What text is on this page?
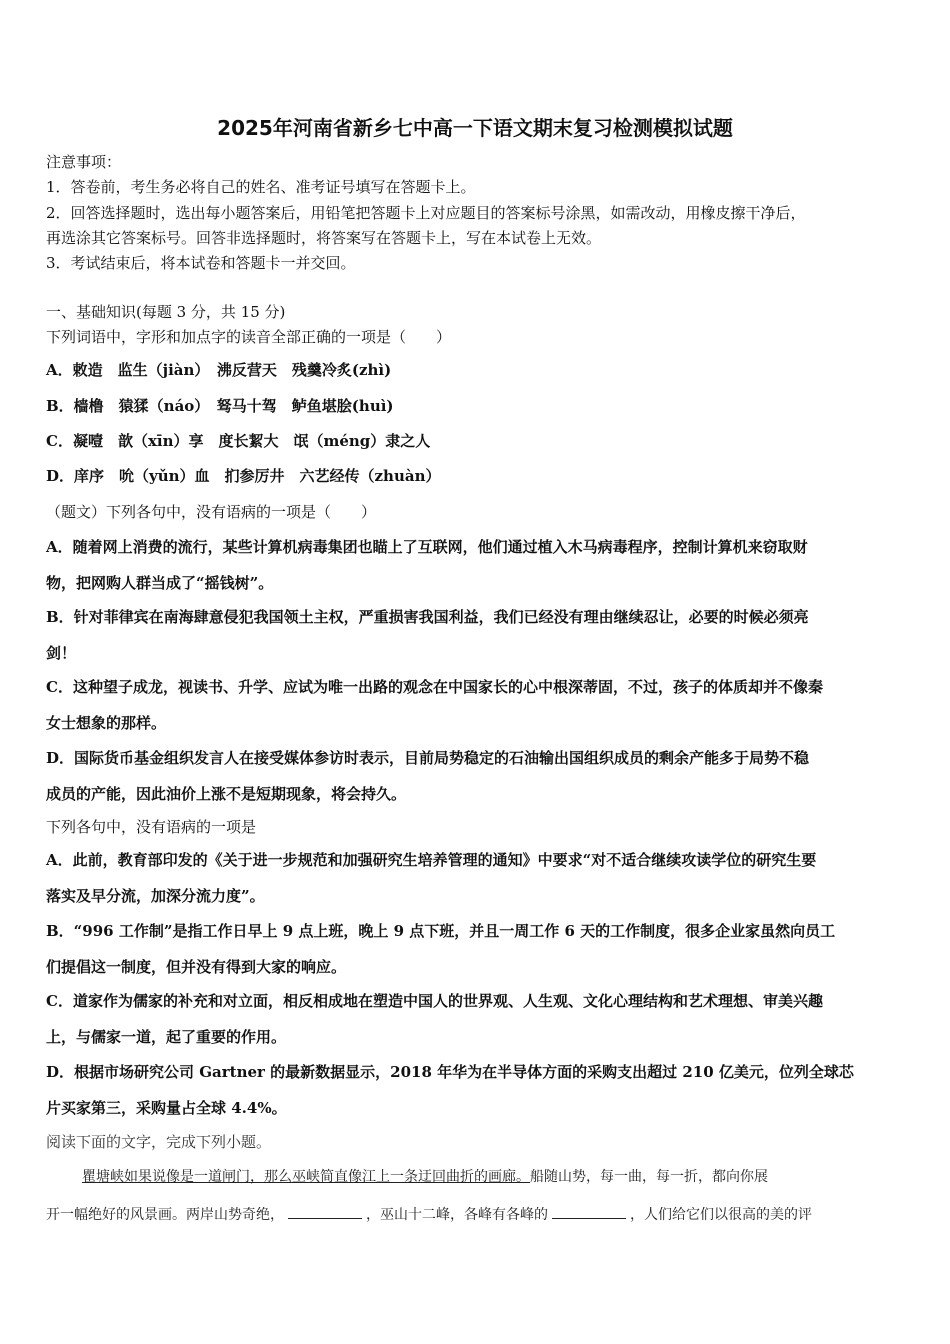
2025年河南省新乡七中高一下语文期末复习检测模拟试题
注意事项：
1．答卷前，考生务必将自己的姓名、准考证号填写在答题卡上。
2．回答选择题时，选出每小题答案后，用铅笔把答题卡上对应题目的答案标号涂黑，如需改动，用橡皮擦干净后，
再选涂其它答案标号。回答非选择题时，将答案写在答题卡上，写在本试卷上无效。
3．考试结束后，将本试卷和答题卡一并交回。
一、基础知识(每题 3 分，共 15 分)
下列词语中，字形和加点字的读音全部正确的一项是（　　）
A．敕造　监生（jiàn）　沸反营天　残羹冷炙(zhì)
B．樯橹　猿猱（náo）　驽马十驾　鲈鱼堪脍(huì)
C．凝噎　歆（xīn）享　度长絜大　氓（méng）隶之人
D．庠序　吮（yǔn）血　扪参厉井　六艺经传（zhuàn）
（题文）下列各句中，没有语病的一项是（　　）
A．随着网上消费的流行，某些计算机病毒集团也瞄上了互联网，他们通过植入木马病毒程序，控制计算机来窃取财
物，把网购人群当成了“摇钱树”。
B．针对菲律宾在南海肆意侵犯我国领土主权，严重损害我国利益，我们已经没有理由继续忍让，必要的时候必须亮
剑！
C．这种望子成龙，视读书、升学、应试为唯一出路的观念在中国家长的心中根深蒂固，不过，孩子的体质却并不像秦
女士想象的那样。
D．国际货币基金组织发言人在接受媒体参访时表示，目前局势稳定的石油输出国组织成员的剩余产能多于局势不稳
成员的产能，因此油价上涨不是短期现象，将会持久。
下列各句中，没有语病的一项是
A．此前，教育部印发的《关于进一步规范和加强研究生培养管理的通知》中要求“对不适合继续攻读学位的研究生要
落实及早分流，加深分流力度”。
B．“996 工作制”是指工作日早上 9 点上班，晚上 9 点下班，并且一周工作 6 天的工作制度，很多企业家虽然向员工
们提倡这一制度，但并没有得到大家的响应。
C．道家作为儒家的补充和对立面，相反相成地在塑造中国人的世界观、人生观、文化心理结构和艺术理想、审美兴趣
上，与儒家一道，起了重要的作用。
D．根据市场研究公司 Gartner 的最新数据显示，2018 年华为在半导体方面的采购支出超过 210 亿美元，位列全球芯
片买家第三，采购量占全球 4.4%。
阅读下面的文字，完成下列小题。
瞿塘峡如果说像是一道闸门，那么巫峡简直像江上一条迂回曲折的画廊。船随山势，每一曲，每一折，都向你展
开一幅绝好的风景画。两岸山势奇绝，	，巫山十二峰，各峰有各峰的	，人们给它们以很高的美的评
